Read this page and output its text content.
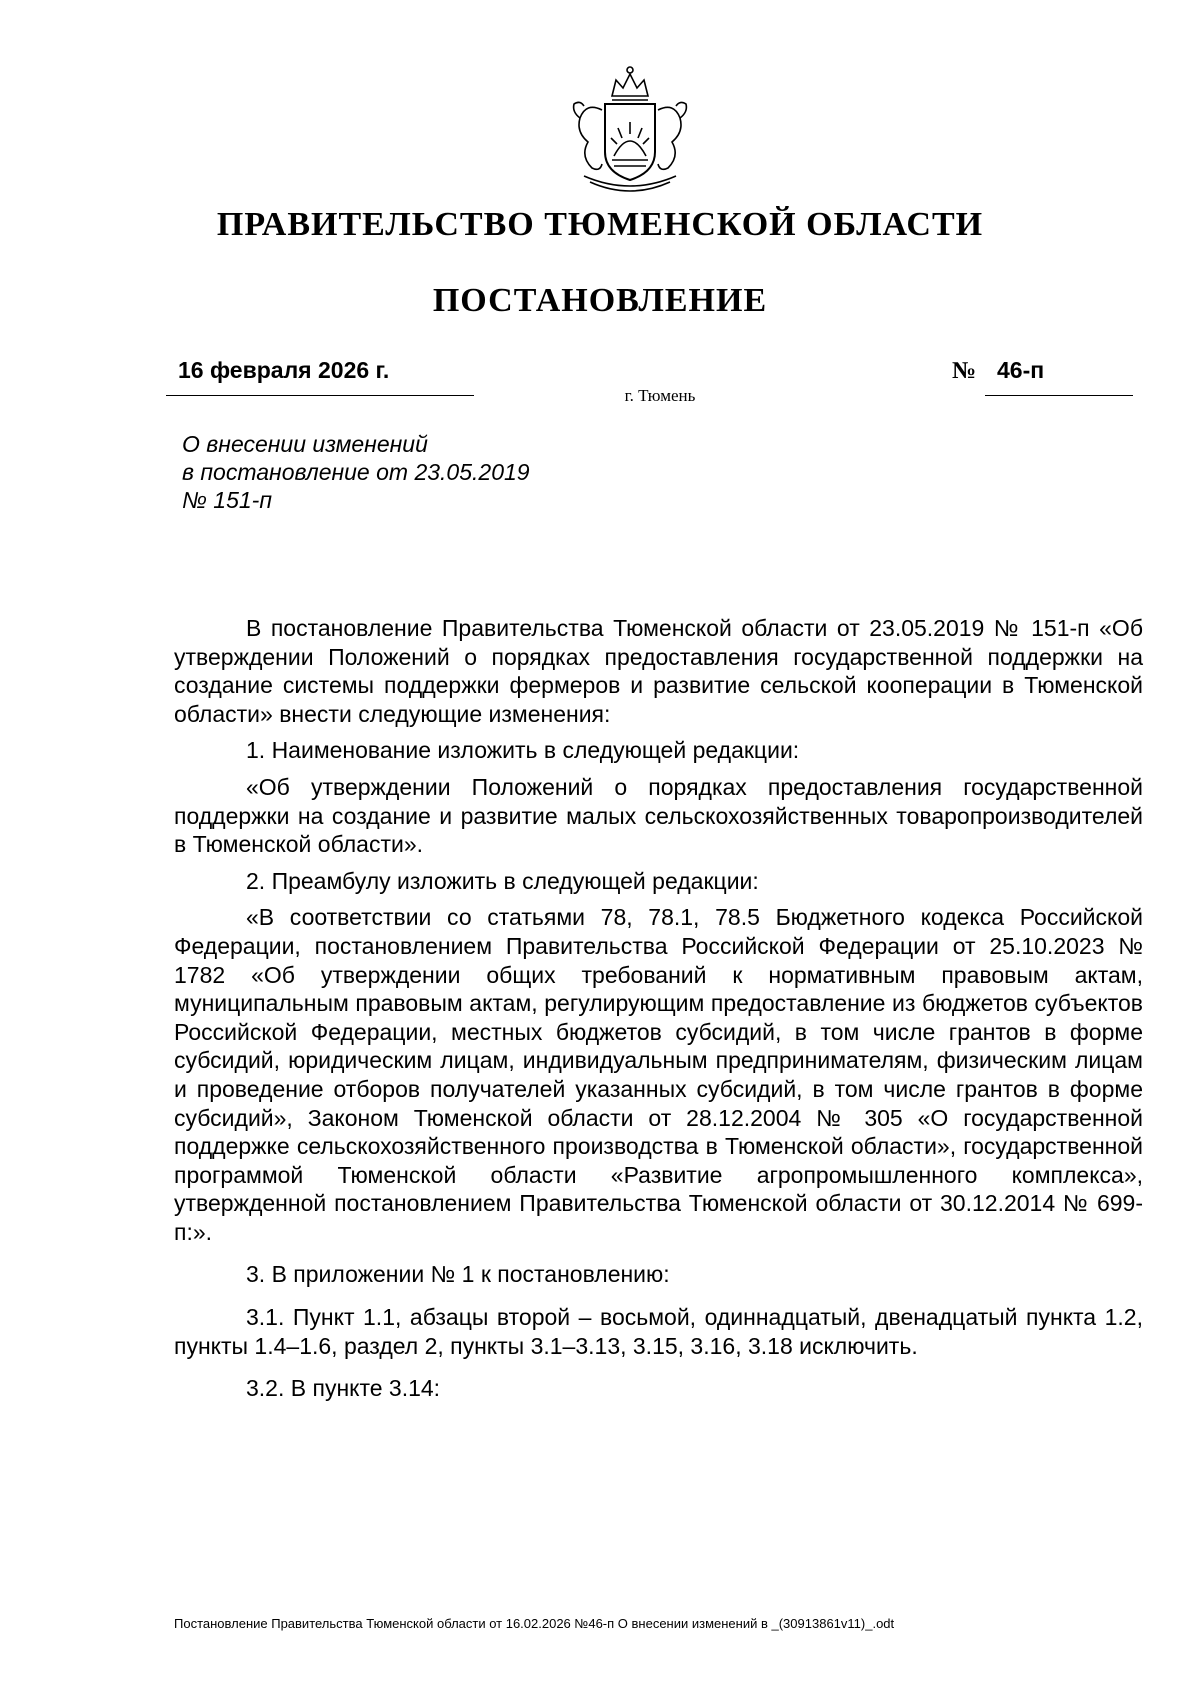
ПРАВИТЕЛЬСТВО ТЮМЕНСКОЙ ОБЛАСТИ
ПОСТАНОВЛЕНИЕ
16 февраля 2026 г.	№ 46-п
г. Тюмень
О внесении изменений
в постановление от 23.05.2019
№ 151-п

В постановление Правительства Тюменской области от 23.05.2019 № 151-п «Об утверждении Положений о порядках предоставления государственной поддержки на создание системы поддержки фермеров и развитие сельской кооперации в Тюменской области» внести следующие изменения:

1. Наименование изложить в следующей редакции:

«Об утверждении Положений о порядках предоставления государственной поддержки на создание и развитие малых сельскохозяйственных товаропроизводителей в Тюменской области».

2. Преамбулу изложить в следующей редакции:

«В соответствии со статьями 78, 78.1, 78.5 Бюджетного кодекса Российской Федерации, постановлением Правительства Российской Федерации от 25.10.2023 № 1782 «Об утверждении общих требований к нормативным правовым актам, муниципальным правовым актам, регулирующим предоставление из бюджетов субъектов Российской Федерации, местных бюджетов субсидий, в том числе грантов в форме субсидий, юридическим лицам, индивидуальным предпринимателям, физическим лицам и проведение отборов получателей указанных субсидий, в том числе грантов в форме субсидий», Законом Тюменской области от 28.12.2004 № 305 «О государственной поддержке сельскохозяйственного производства в Тюменской области», государственной программой Тюменской области «Развитие агропромышленного комплекса», утвержденной постановлением Правительства Тюменской области от 30.12.2014 № 699-п:».

3. В приложении № 1 к постановлению:

3.1. Пункт 1.1, абзацы второй – восьмой, одиннадцатый, двенадцатый пункта 1.2, пункты 1.4–1.6, раздел 2, пункты 3.1–3.13, 3.15, 3.16, 3.18 исключить.

3.2. В пункте 3.14:

Постановление Правительства Тюменской области от 16.02.2026 №46-п О внесении изменений в _(30913861v11)_.odt
